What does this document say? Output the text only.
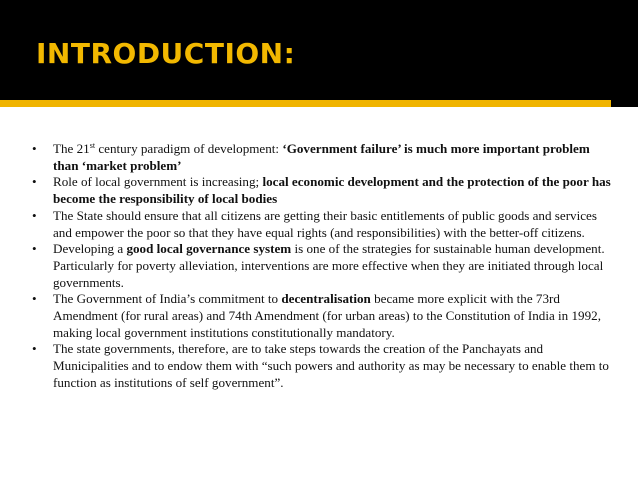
INTRODUCTION:
• The 21st century paradigm of development: ‘Government failure’ is much more important problem than ‘market problem’
• Role of local government is increasing; local economic development and the protection of the poor has become the responsibility of local bodies
• The State should ensure that all citizens are getting their basic entitlements of public goods and services and empower the poor so that they have equal rights (and responsibilities) with the better-off citizens.
• Developing a good local governance system is one of the strategies for sustainable human development. Particularly for poverty alleviation, interventions are more effective when they are initiated through local governments.
• The Government of India’s commitment to decentralisation became more explicit with the 73rd Amendment (for rural areas) and 74th Amendment (for urban areas) to the Constitution of India in 1992, making local government institutions constitutionally mandatory.
• The state governments, therefore, are to take steps towards the creation of the Panchayats and Municipalities and to endow them with “such powers and authority as may be necessary to enable them to function as institutions of self government”.
